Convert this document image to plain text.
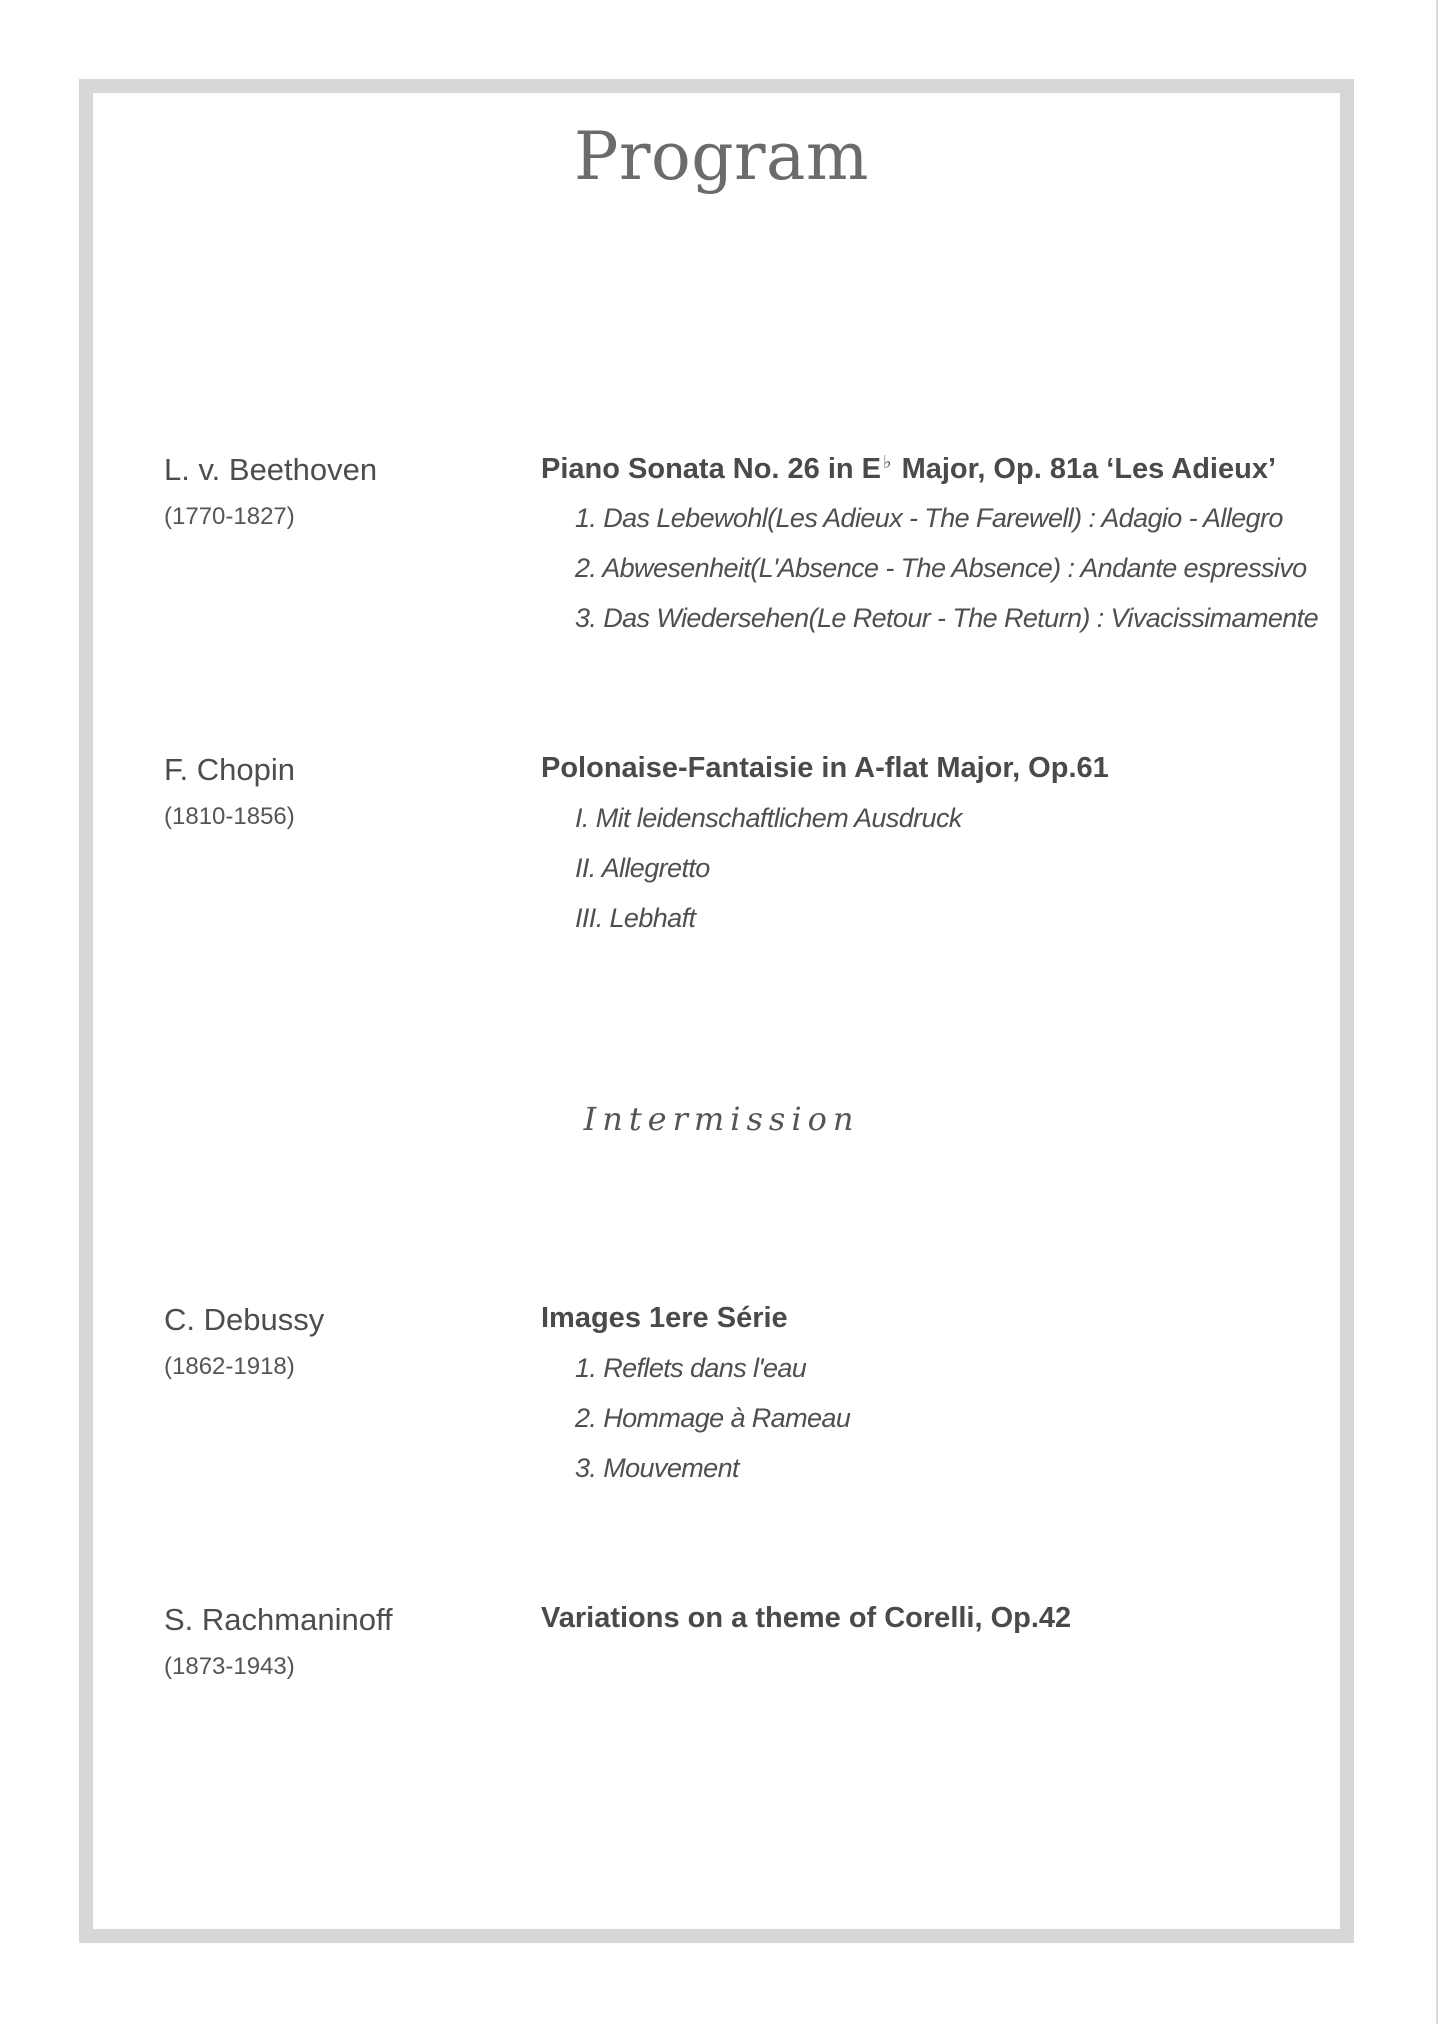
Program
L. v. Beethoven
(1770-1827)
Piano Sonata No. 26 in E ♭ Major, Op. 81a ‘Les Adieux’
1. Das Lebewohl(Les Adieux - The Farewell) : Adagio - Allegro
2. Abwesenheit(L'Absence - The Absence) : Andante espressivo
3. Das Wiedersehen(Le Retour - The Return) : Vivacissimamente
F. Chopin
(1810-1856)
Polonaise-Fantaisie in A-flat Major, Op.61
I. Mit leidenschaftlichem Ausdruck
II. Allegretto
III. Lebhaft
Intermission
C. Debussy
(1862-1918)
Images 1ere Série
1. Reflets dans l'eau
2. Hommage à Rameau
3. Mouvement
S. Rachmaninoff
(1873-1943)
Variations on a theme of Corelli, Op.42
